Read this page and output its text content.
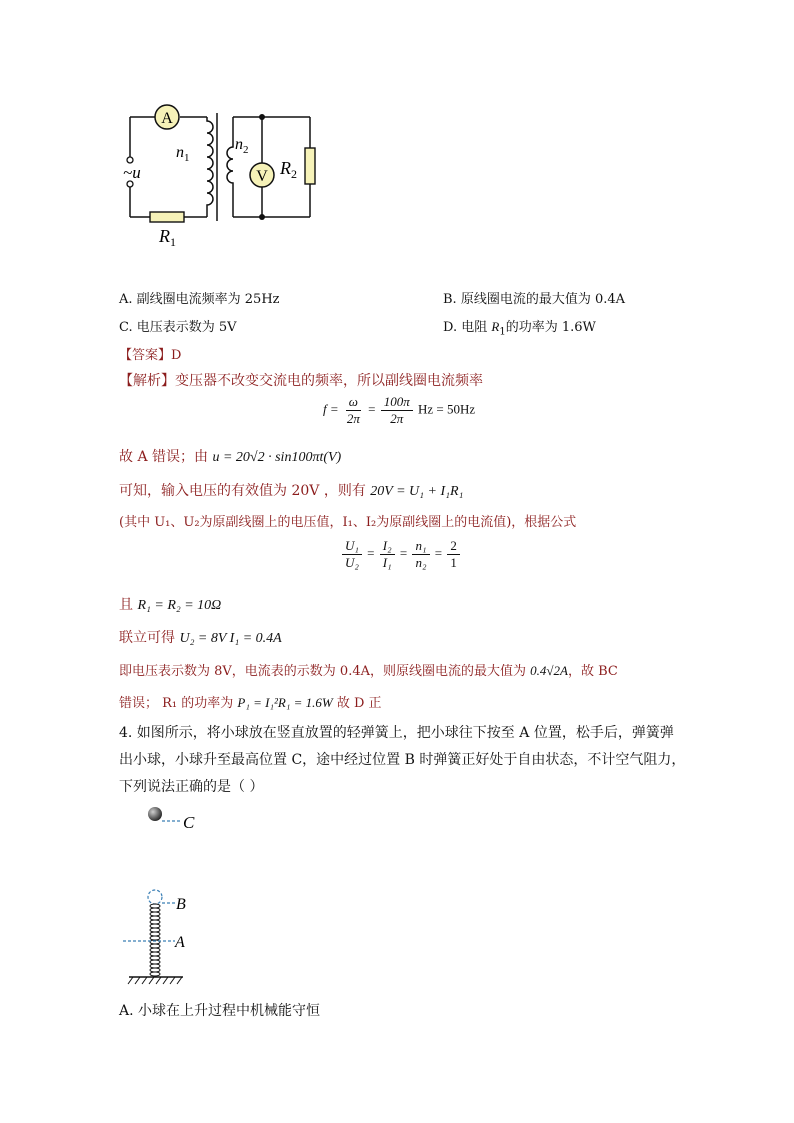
A
V
~u
$n_1$
$n_2$
$R_1$
$R_2$
A. 副线圈电流频率为 25Hz	B. 原线圈电流的最大值为 0.4A
C. 电压表示数为 5V	D. 电阻 $R_1$的功率为 1.6W
【答案】D
【解析】变压器不改变交流电的频率，所以副线圈电流频率
$f = \frac{\omega}{2\pi} = \frac{100\pi}{2\pi}$ Hz = 50Hz
故 A 错误；由 u = 20√2 · sin100πt(V)
可知，输入电压的有效值为 20V ，则有 20V = U₁ + I₁R₁
(其中 U₁、U₂为原副线圈上的电压值，I₁、I₂为原副线圈上的电流值)，根据公式
$\frac{\text{U₁}}{\text{U₂}} = \frac{\text{I₂}}{\text{I₁}} = \frac{\text{n₁}}{\text{n₂}} = \frac{2}{1}$
且 R₁ = R₂ = 10Ω
联立可得 U₂ = 8V I₁ = 0.4A
即电压表示数为 8V，电流表的示数为 0.4A，则原线圈电流的最大值为 0.4√2A，故 BC
错误； R₁ 的功率为 P₁ = I₁²R₁ = 1.6W 故 D 正
4. 如图所示，将小球放在竖直放置的轻弹簧上，把小球往下按至 A 位置，松手后，弹簧弹
出小球，小球升至最高位置 C，途中经过位置 B 时弹簧正好处于自由状态，不计空气阻力，
下列说法正确的是（ ）
C
B
A
A. 小球在上升过程中机械能守恒
